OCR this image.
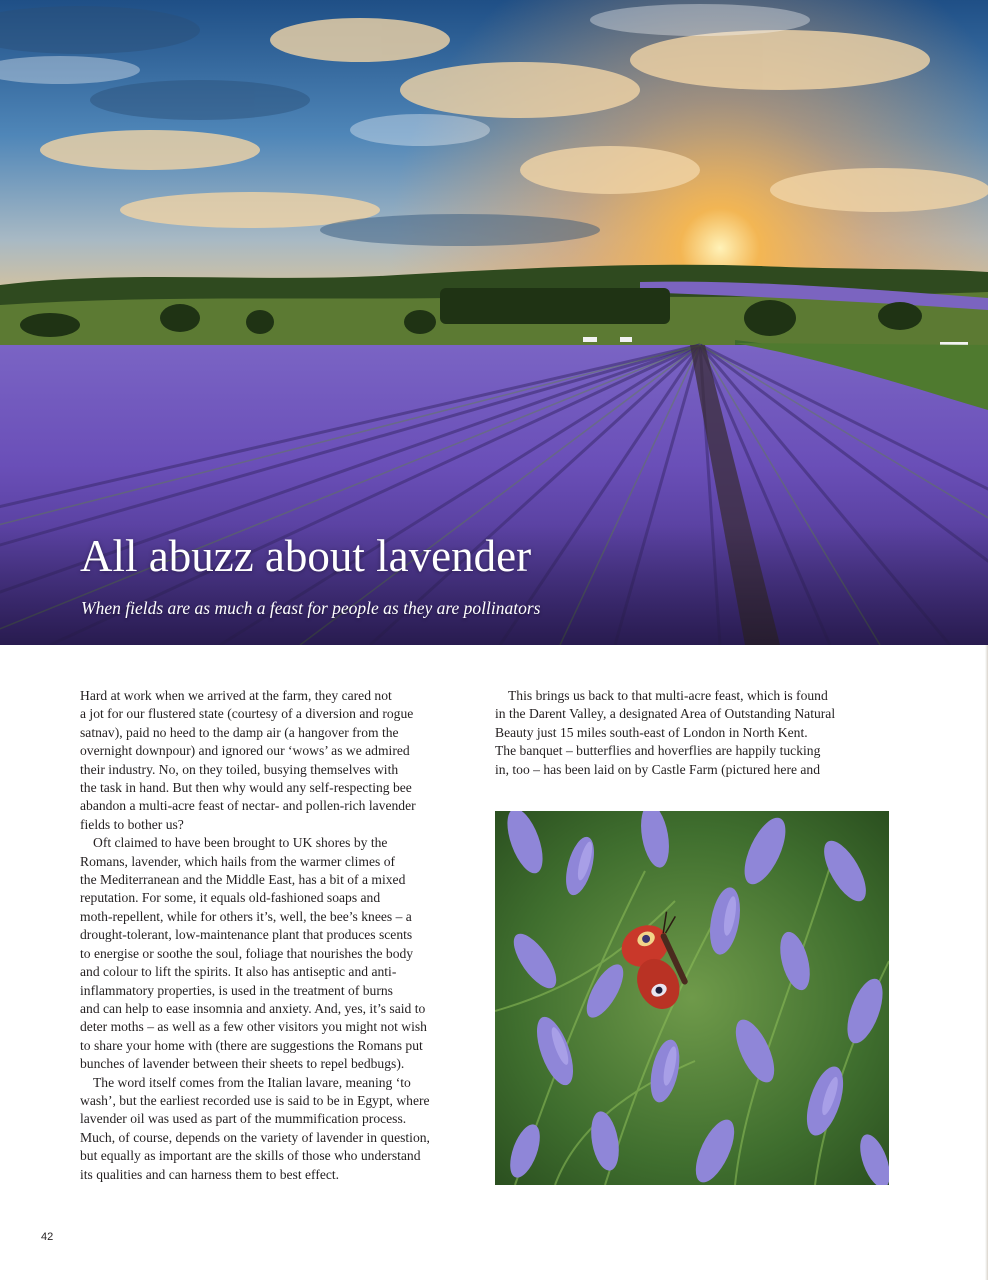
All abuzz about lavender

When fields are as much a feast for people as they are pollinators

Hard at work when we arrived at the farm, they cared not

a jot for our flustered state (courtesy of a diversion and rogue

satnav), paid no heed to the damp air (a hangover from the

overnight downpour) and ignored our ‘wows’ as we admired

their industry. No, on they toiled, busying themselves with

the task in hand. But then why would any self-respecting bee

abandon a multi-acre feast of nectar- and pollen-rich lavender

fields to bother us?

Oft claimed to have been brought to UK shores by the

Romans, lavender, which hails from the warmer climes of

the Mediterranean and the Middle East, has a bit of a mixed

reputation. For some, it equals old-fashioned soaps and

moth-repellent, while for others it’s, well, the bee’s knees – a

drought-tolerant, low-maintenance plant that produces scents

to energise or soothe the soul, foliage that nourishes the body

and colour to lift the spirits. It also has antiseptic and anti-

inflammatory properties, is used in the treatment of burns

and can help to ease insomnia and anxiety. And, yes, it’s said to

deter moths – as well as a few other visitors you might not wish

to share your home with (there are suggestions the Romans put

bunches of lavender between their sheets to repel bedbugs).

The word itself comes from the Italian lavare, meaning ‘to

wash’, but the earliest recorded use is said to be in Egypt, where

lavender oil was used as part of the mummification process.

Much, of course, depends on the variety of lavender in question,

but equally as important are the skills of those who understand

its qualities and can harness them to best effect.

This brings us back to that multi-acre feast, which is found

in the Darent Valley, a designated Area of Outstanding Natural

Beauty just 15 miles south-east of London in North Kent.

The banquet – butterflies and hoverflies are happily tucking

in, too – has been laid on by Castle Farm (pictured here and

42
